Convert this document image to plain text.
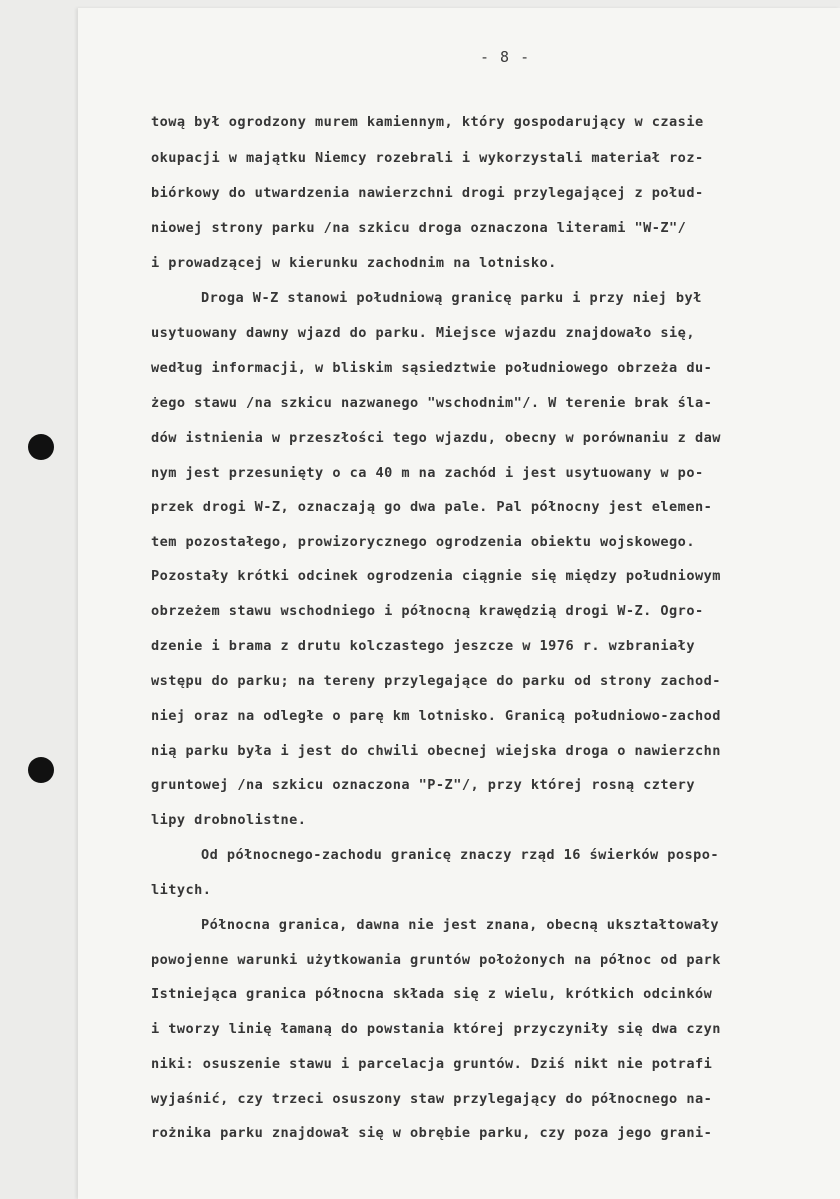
- 8 -
tową był ogrodzony murem kamiennym, który gospodarujący w czasie
okupacji w majątku Niemcy rozebrali i wykorzystali materiał roz-
biórkowy do utwardzenia nawierzchni drogi przylegającej z połud-
niowej strony parku /na szkicu droga oznaczona literami "W-Z"/
i prowadzącej w kierunku zachodnim na lotnisko.
Droga W-Z stanowi południową granicę parku i przy niej był
usytuowany dawny wjazd do parku. Miejsce wjazdu znajdowało się,
według informacji, w bliskim sąsiedztwie południowego obrzeża du-
żego stawu /na szkicu nazwanego "wschodnim"/. W terenie brak śla-
dów istnienia w przeszłości tego wjazdu, obecny w porównaniu z daw
nym jest przesunięty o ca 40 m na zachód i jest usytuowany w po-
przek drogi W-Z, oznaczają go dwa pale. Pal północny jest elemen-
tem pozostałego, prowizorycznego ogrodzenia obiektu wojskowego.
Pozostały krótki odcinek ogrodzenia ciągnie się między południowym
obrzeżem stawu wschodniego i północną krawędzią drogi W-Z. Ogro-
dzenie i brama z drutu kolczastego jeszcze w 1976 r. wzbraniały
wstępu do parku; na tereny przylegające do parku od strony zachod-
niej oraz na odległe o parę km lotnisko. Granicą południowo-zachod
nią parku była i jest do chwili obecnej wiejska droga o nawierzchn
gruntowej /na szkicu oznaczona "P-Z"/, przy której rosną cztery
lipy drobnolistne.
Od północnego-zachodu granicę znaczy rząd 16 świerków pospo-
litych.
Północna granica, dawna nie jest znana, obecną ukształtowały
powojenne warunki użytkowania gruntów położonych na północ od park
Istniejąca granica północna składa się z wielu, krótkich odcinków
i tworzy linię łamaną do powstania której przyczyniły się dwa czyn
niki: osuszenie stawu i parcelacja gruntów. Dziś nikt nie potrafi
wyjaśnić, czy trzeci osuszony staw przylegający do północnego na-
rożnika parku znajdował się w obrębie parku, czy poza jego grani-
